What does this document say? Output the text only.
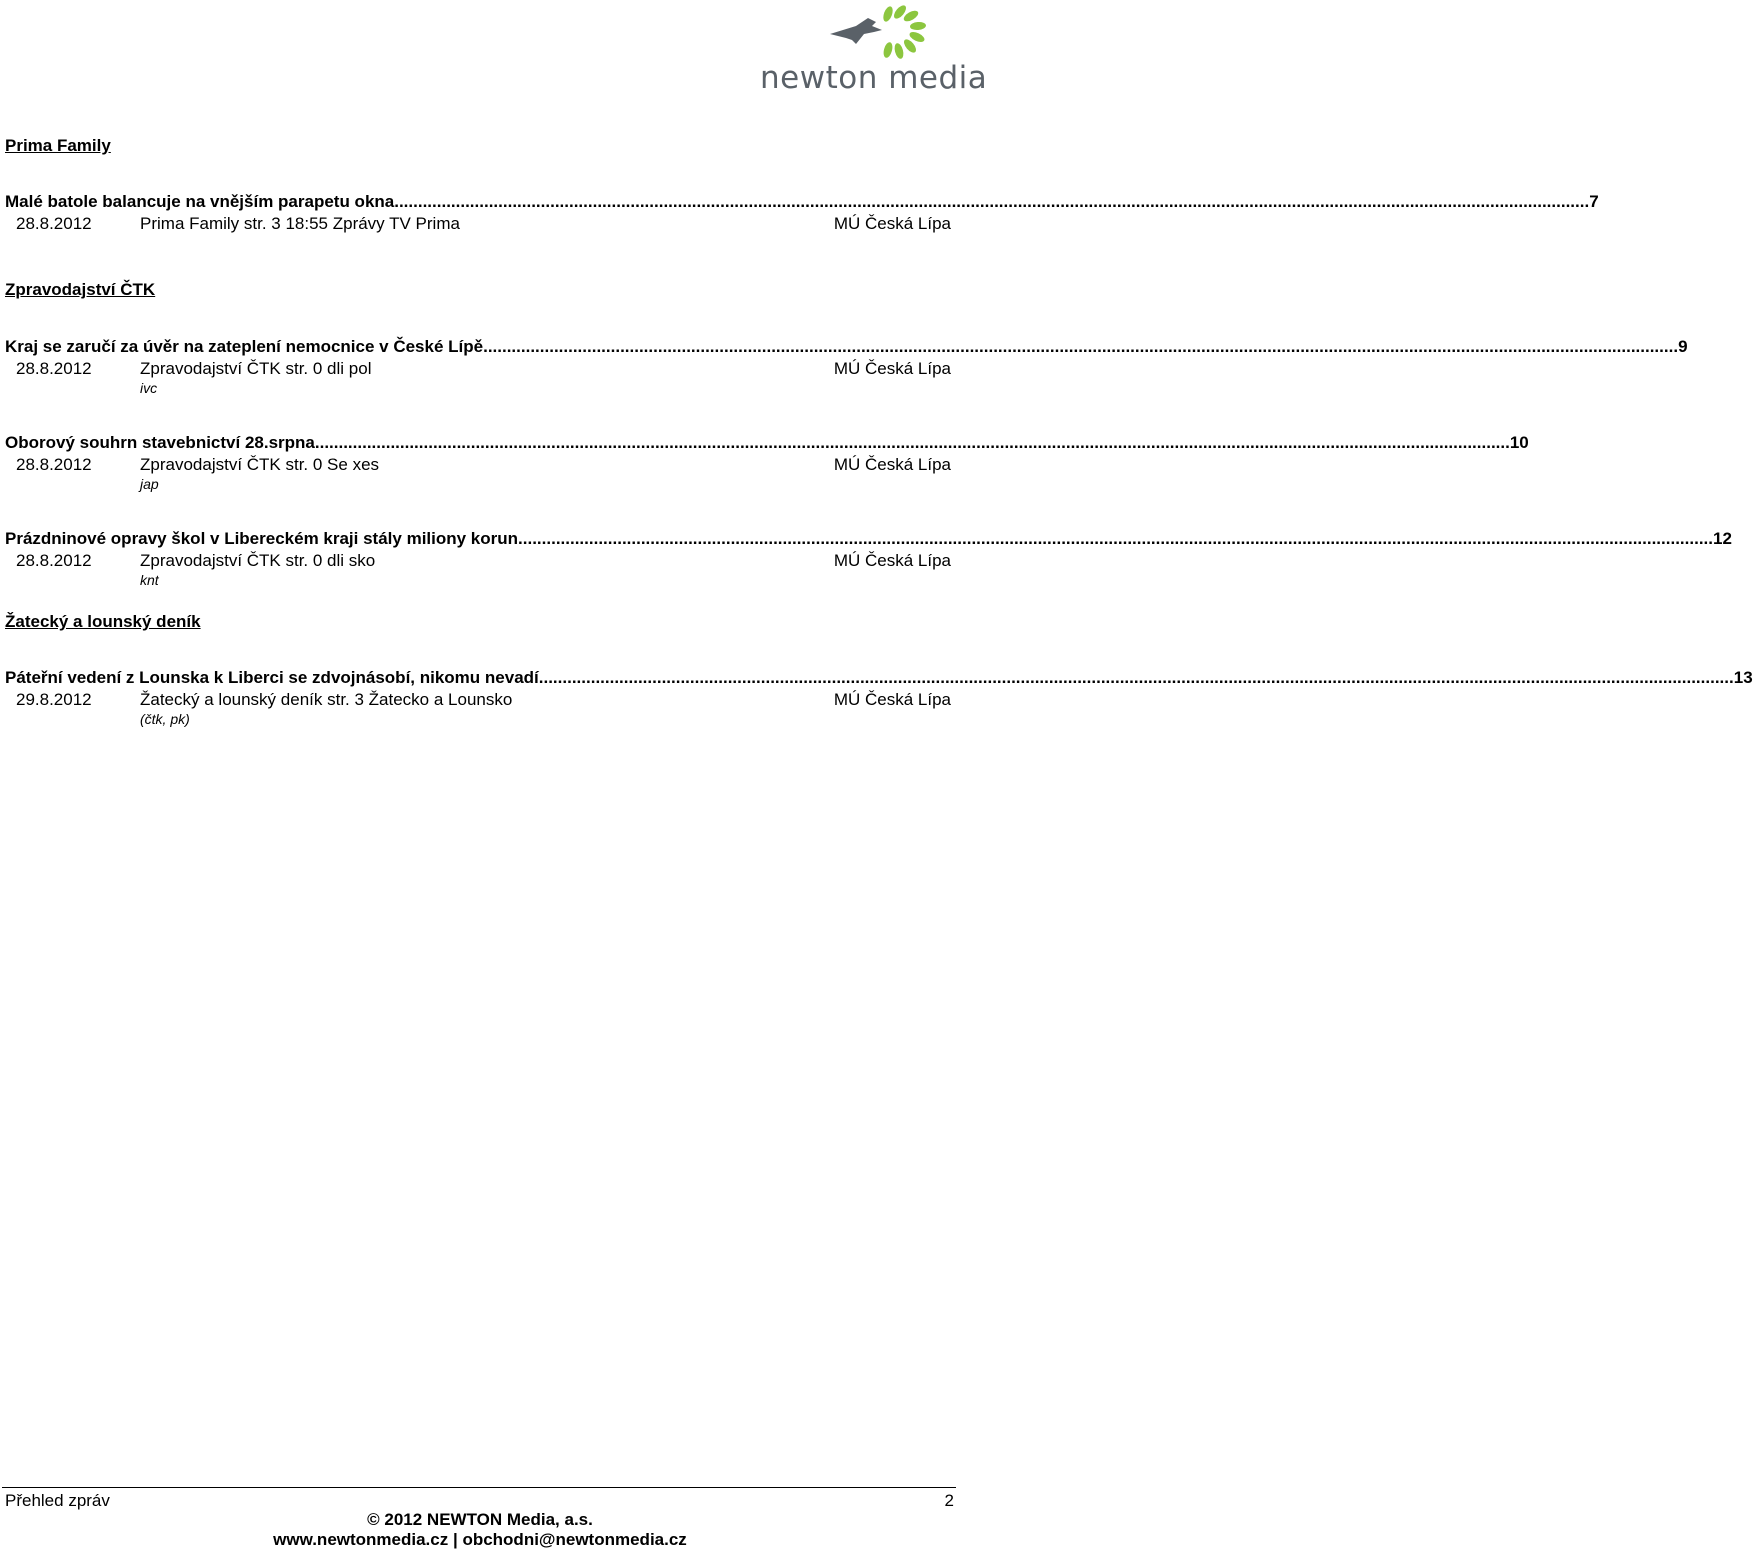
newton media
Prima Family
Malé batole balancuje na vnějším parapetu okna ............................................................................................................................................................................................................................................................. 7
28.8.2012	Prima Family str. 3 18:55 Zprávy TV Prima	MÚ Česká Lípa
Zpravodajství ČTK
Kraj se zaručí za úvěr na zateplení nemocnice v České Lípě ............................................................................................................................................................................................................................................................. 9
28.8.2012	Zpravodajství ČTK str. 0 dli pol	MÚ Česká Lípa
ivc
Oborový souhrn stavebnictví 28.srpna ............................................................................................................................................................................................................................................................. 10
28.8.2012	Zpravodajství ČTK str. 0 Se xes	MÚ Česká Lípa
jap
Prázdninové opravy škol v Libereckém kraji stály miliony korun ............................................................................................................................................................................................................................................................. 12
28.8.2012	Zpravodajství ČTK str. 0 dli sko	MÚ Česká Lípa
knt
Žatecký a lounský deník
Páteřní vedení z Lounska k Liberci se zdvojnásobí, nikomu nevadí ............................................................................................................................................................................................................................................................. 13
29.8.2012	Žatecký a lounský deník str. 3 Žatecko a Lounsko	MÚ Česká Lípa
(čtk, pk)
Přehled zpráv	2
© 2012 NEWTON Media, a.s.
www.newtonmedia.cz | obchodni@newtonmedia.cz
